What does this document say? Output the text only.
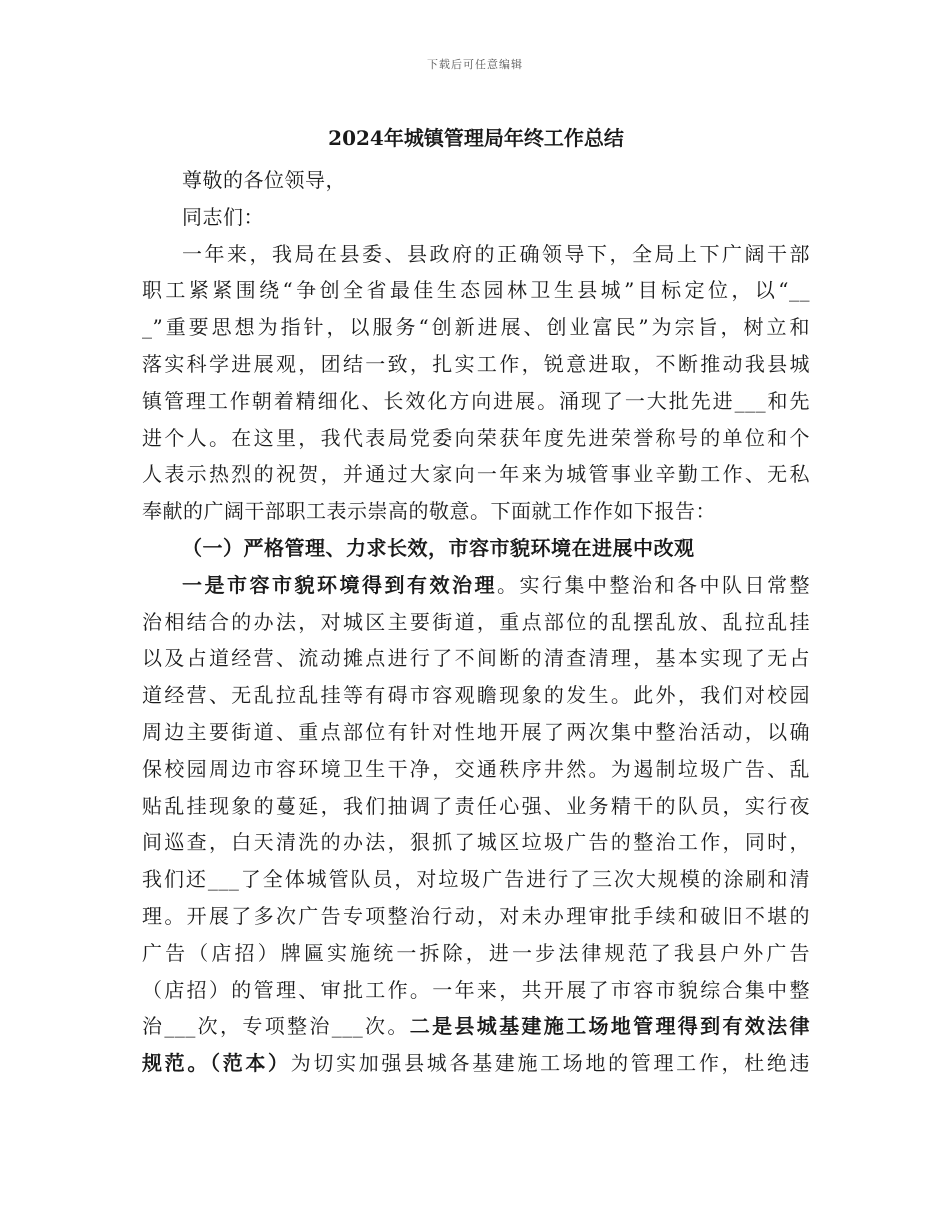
下载后可任意编辑
2024年城镇管理局年终工作总结
尊敬的各位领导，
同志们：
一年来，我局在县委、县政府的正确领导下，全局上下广阔干部
职工紧紧围绕“争创全省最佳生态园林卫生县城”目标定位，以“__
_”重要思想为指针，以服务“创新进展、创业富民”为宗旨，树立和
落实科学进展观，团结一致，扎实工作，锐意进取，不断推动我县城
镇管理工作朝着精细化、长效化方向进展。涌现了一大批先进___和先
进个人。在这里，我代表局党委向荣获年度先进荣誉称号的单位和个
人表示热烈的祝贺，并通过大家向一年来为城管事业辛勤工作、无私
奉献的广阔干部职工表示崇高的敬意。下面就工作作如下报告：
（一）严格管理、力求长效，市容市貌环境在进展中改观
一是市容市貌环境得到有效治理。实行集中整治和各中队日常整
治相结合的办法，对城区主要街道，重点部位的乱摆乱放、乱拉乱挂
以及占道经营、流动摊点进行了不间断的清查清理，基本实现了无占
道经营、无乱拉乱挂等有碍市容观瞻现象的发生。此外，我们对校园
周边主要街道、重点部位有针对性地开展了两次集中整治活动，以确
保校园周边市容环境卫生干净，交通秩序井然。为遏制垃圾广告、乱
贴乱挂现象的蔓延，我们抽调了责任心强、业务精干的队员，实行夜
间巡查，白天清洗的办法，狠抓了城区垃圾广告的整治工作，同时，
我们还___了全体城管队员，对垃圾广告进行了三次大规模的涂刷和清
理。开展了多次广告专项整治行动，对未办理审批手续和破旧不堪的
广告（店招）牌匾实施统一拆除，进一步法律规范了我县户外广告
（店招）的管理、审批工作。一年来，共开展了市容市貌综合集中整
治___次，专项整治___次。二是县城基建施工场地管理得到有效法律
规范。（范本）为切实加强县城各基建施工场地的管理工作，杜绝违
